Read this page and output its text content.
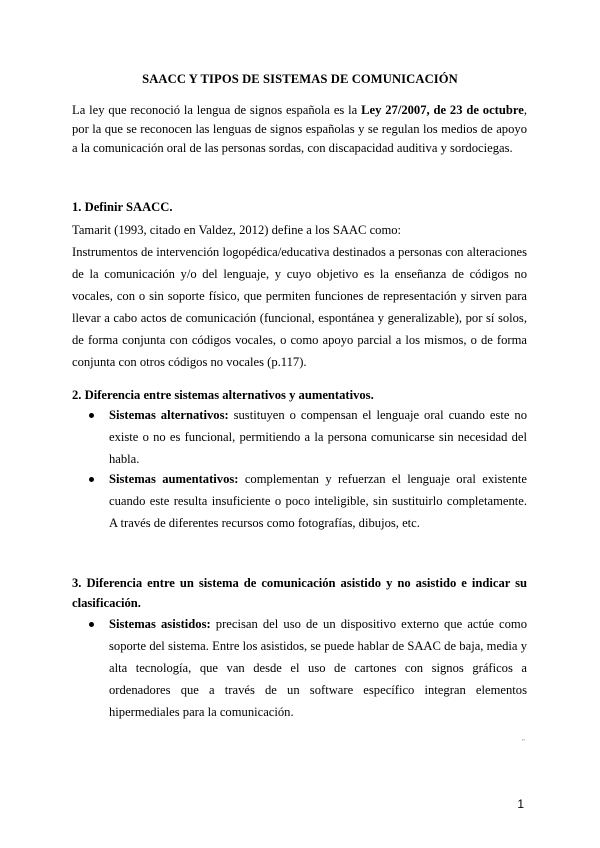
SAACC Y TIPOS DE SISTEMAS DE COMUNICACIÓN
La ley que reconoció la lengua de signos española es la Ley 27/2007, de 23 de octubre, por la que se reconocen las lenguas de signos españolas y se regulan los medios de apoyo a la comunicación oral de las personas sordas, con discapacidad auditiva y sordociegas.
1. Definir SAACC.
Tamarit (1993, citado en Valdez, 2012) define a los SAAC como:
Instrumentos de intervención logopédica/educativa destinados a personas con alteraciones de la comunicación y/o del lenguaje, y cuyo objetivo es la enseñanza de códigos no vocales, con o sin soporte físico, que permiten funciones de representación y sirven para llevar a cabo actos de comunicación (funcional, espontánea y generalizable), por sí solos, de forma conjunta con códigos vocales, o como apoyo parcial a los mismos, o de forma conjunta con otros códigos no vocales (p.117).
2. Diferencia entre sistemas alternativos y aumentativos.
Sistemas alternativos: sustituyen o compensan el lenguaje oral cuando este no existe o no es funcional, permitiendo a la persona comunicarse sin necesidad del habla.
Sistemas aumentativos: complementan y refuerzan el lenguaje oral existente cuando este resulta insuficiente o poco inteligible, sin sustituirlo completamente. A través de diferentes recursos como fotografías, dibujos, etc.
3. Diferencia entre un sistema de comunicación asistido y no asistido e indicar su clasificación.
Sistemas asistidos: precisan del uso de un dispositivo externo que actúe como soporte del sistema. Entre los asistidos, se puede hablar de SAAC de baja, media y alta tecnología, que van desde el uso de cartones con signos gráficos a ordenadores que a través de un software específico integran elementos hipermediales para la comunicación.
"
1
